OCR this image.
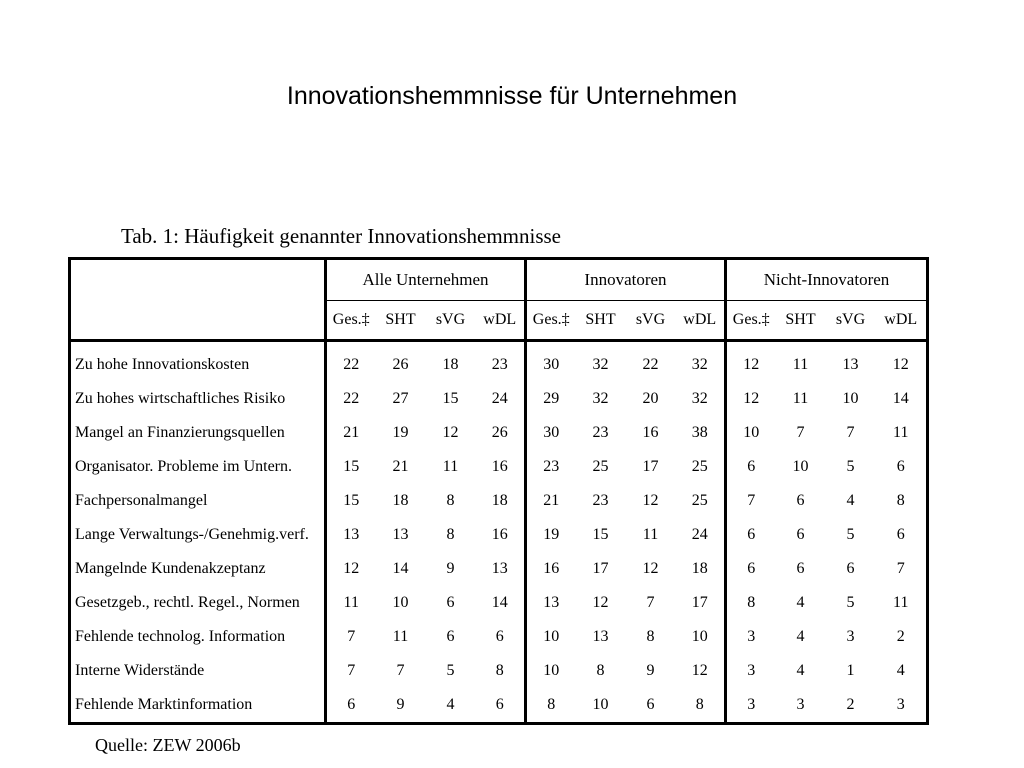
Innovationshemmnisse für Unternehmen
Tab. 1: Häufigkeit genannter Innovationshemmnisse
	Alle Unternehmen				Innovatoren				Nicht-Innovatoren			
	Ges.‡	SHT	sVG	wDL	Ges.‡	SHT	sVG	wDL	Ges.‡	SHT	sVG	wDL
Zu hohe Innovationskosten	22	26	18	23	30	32	22	32	12	11	13	12
Zu hohes wirtschaftliches Risiko	22	27	15	24	29	32	20	32	12	11	10	14
Mangel an Finanzierungsquellen	21	19	12	26	30	23	16	38	10	7	7	11
Organisator. Probleme im Untern.	15	21	11	16	23	25	17	25	6	10	5	6
Fachpersonalmangel	15	18	8	18	21	23	12	25	7	6	4	8
Lange Verwaltungs-/Genehmig.verf.	13	13	8	16	19	15	11	24	6	6	5	6
Mangelnde Kundenakzeptanz	12	14	9	13	16	17	12	18	6	6	6	7
Gesetzgeb., rechtl. Regel., Normen	11	10	6	14	13	12	7	17	8	4	5	11
Fehlende technolog. Information	7	11	6	6	10	13	8	10	3	4	3	2
Interne Widerstände	7	7	5	8	10	8	9	12	3	4	1	4
Fehlende Marktinformation	6	9	4	6	8	10	6	8	3	3	2	3
Quelle: ZEW 2006b
